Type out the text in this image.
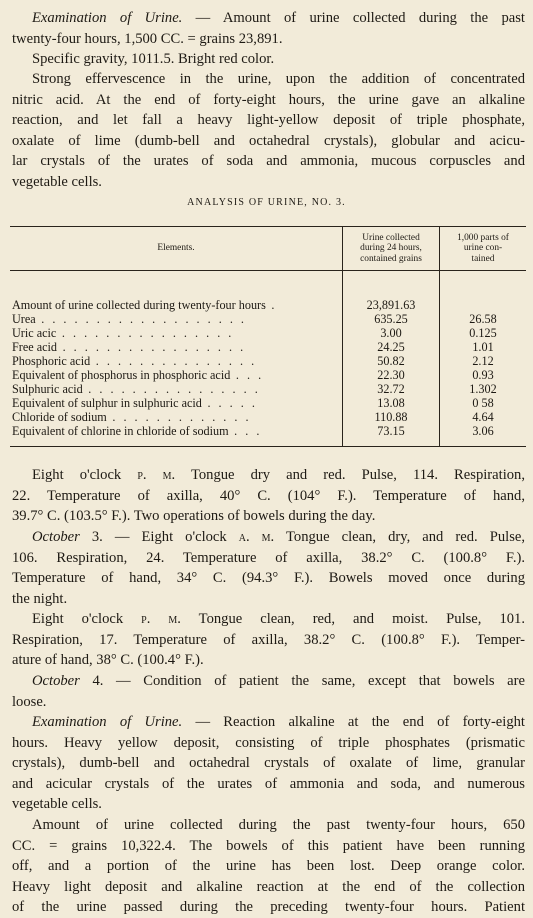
Examination of Urine. — Amount of urine collected during the past
twenty-four hours, 1,500 CC. = grains 23,891.
Specific gravity, 1011.5. Bright red color.
Strong effervescence in the urine, upon the addition of concentrated
nitric acid. At the end of forty-eight hours, the urine gave an alkaline
reaction, and let fall a heavy light-yellow deposit of triple phosphate,
oxalate of lime (dumb-bell and octahedral crystals), globular and acicu-
lar crystals of the urates of soda and ammonia, mucous corpuscles and
vegetable cells.
ANALYSIS OF URINE, NO. 3.
Elements.	Urine collected
during 24 hours,
contained grains	1,000 parts of
urine con-
tained

Amount of urine collected during twenty-four hours .	23,891.63	
Urea . . . . . . . . . . . . . . . . . . .	635.25	26.58
Uric acic . . . . . . . . . . . . . . . .	3.00	0.125
Free acid . . . . . . . . . . . . . . . . .	24.25	1.01
Phosphoric acid . . . . . . . . . . . . . . .	50.82	2.12
Equivalent of phosphorus in phosphoric acid . . .	22.30	0.93
Sulphuric acid . . . . . . . . . . . . . . . .	32.72	1.302
Equivalent of sulphur in sulphuric acid . . . . .	13.08	0 58
Chloride of sodium . . . . . . . . . . . . .	110.88	4.64
Equivalent of chlorine in chloride of sodium . . .	73.15	3.06
Eight o'clock p. m. Tongue dry and red. Pulse, 114. Respiration,
22. Temperature of axilla, 40° C. (104° F.). Temperature of hand,
39.7° C. (103.5° F.). Two operations of bowels during the day.
October 3. — Eight o'clock a. m. Tongue clean, dry, and red. Pulse,
106. Respiration, 24. Temperature of axilla, 38.2° C. (100.8° F.).
Temperature of hand, 34° C. (94.3° F.). Bowels moved once during
the night.
Eight o'clock p. m. Tongue clean, red, and moist. Pulse, 101.
Respiration, 17. Temperature of axilla, 38.2° C. (100.8° F.). Temper-
ature of hand, 38° C. (100.4° F.).
October 4. — Condition of patient the same, except that bowels are
loose.
Examination of Urine. — Reaction alkaline at the end of forty-eight
hours. Heavy yellow deposit, consisting of triple phosphates (prismatic
crystals), dumb-bell and octahedral crystals of oxalate of lime, granular
and acicular crystals of the urates of ammonia and soda, and numerous
vegetable cells.
Amount of urine collected during the past twenty-four hours, 650
CC. = grains 10,322.4. The bowels of this patient have been running
off, and a portion of the urine has been lost. Deep orange color.
Heavy light deposit and alkaline reaction at the end of the collection
of the urine passed during the preceding twenty-four hours. Patient
